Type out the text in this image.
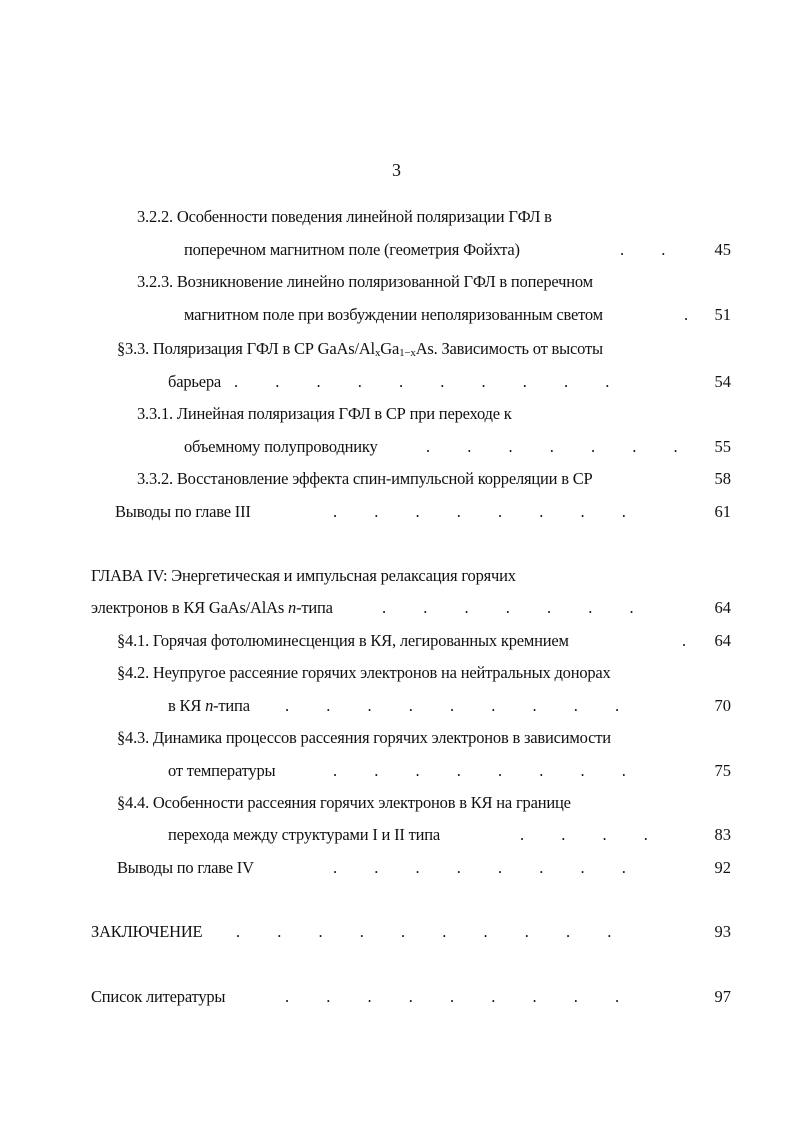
3
3.2.2. Особенности поведения линейной поляризации ГФЛ в
поперечном магнитном поле (геометрия Фойхта)	.         .	45
3.2.3. Возникновение линейно поляризованной ГФЛ в поперечном
магнитном поле при возбуждении неполяризованным светом	. 51
§3.3. Поляризация ГФЛ в СР GaAs/$Al_xGa_{1-x}As$. Зависимость от высоты
барьера .         .         .         .         .         .         .         .         .         .	54
3.3.1. Линейная поляризация ГФЛ в СР при переходе к
объемному полупроводнику	.         .         .         .         .         .         . 55
3.3.2. Восстановление эффекта спин-импульсной корреляции в СР	58
Выводы по главе III	.         .         .         .         .         .         .         .	61
ГЛАВА IV: Энергетическая и импульсная релаксация горячих
электронов в КЯ GaAs/AlAs n-типа	.         .         .         .         .         .         .	64
§4.1. Горячая фотолюминесценция в КЯ, легированных кремнием	. 64
§4.2. Неупругое рассеяние горячих электронов на нейтральных донорах
в КЯ n-типа .         .         .         .         .         .         .         .         .	70
§4.3. Динамика процессов рассеяния горячих электронов в зависимости
от температуры	.         .         .         .         .         .         .         .	75
§4.4. Особенности рассеяния горячих электронов в КЯ на границе
перехода между структурами I и II типа	.         .         .         .	83
Выводы по главе IV	.         .         .         .         .         .         .         .	92
ЗАКЛЮЧЕНИЕ .         .         .         .         .         .         .         .         .         .	93
Список литературы	.         .         .         .         .         .         .         .         .	97
